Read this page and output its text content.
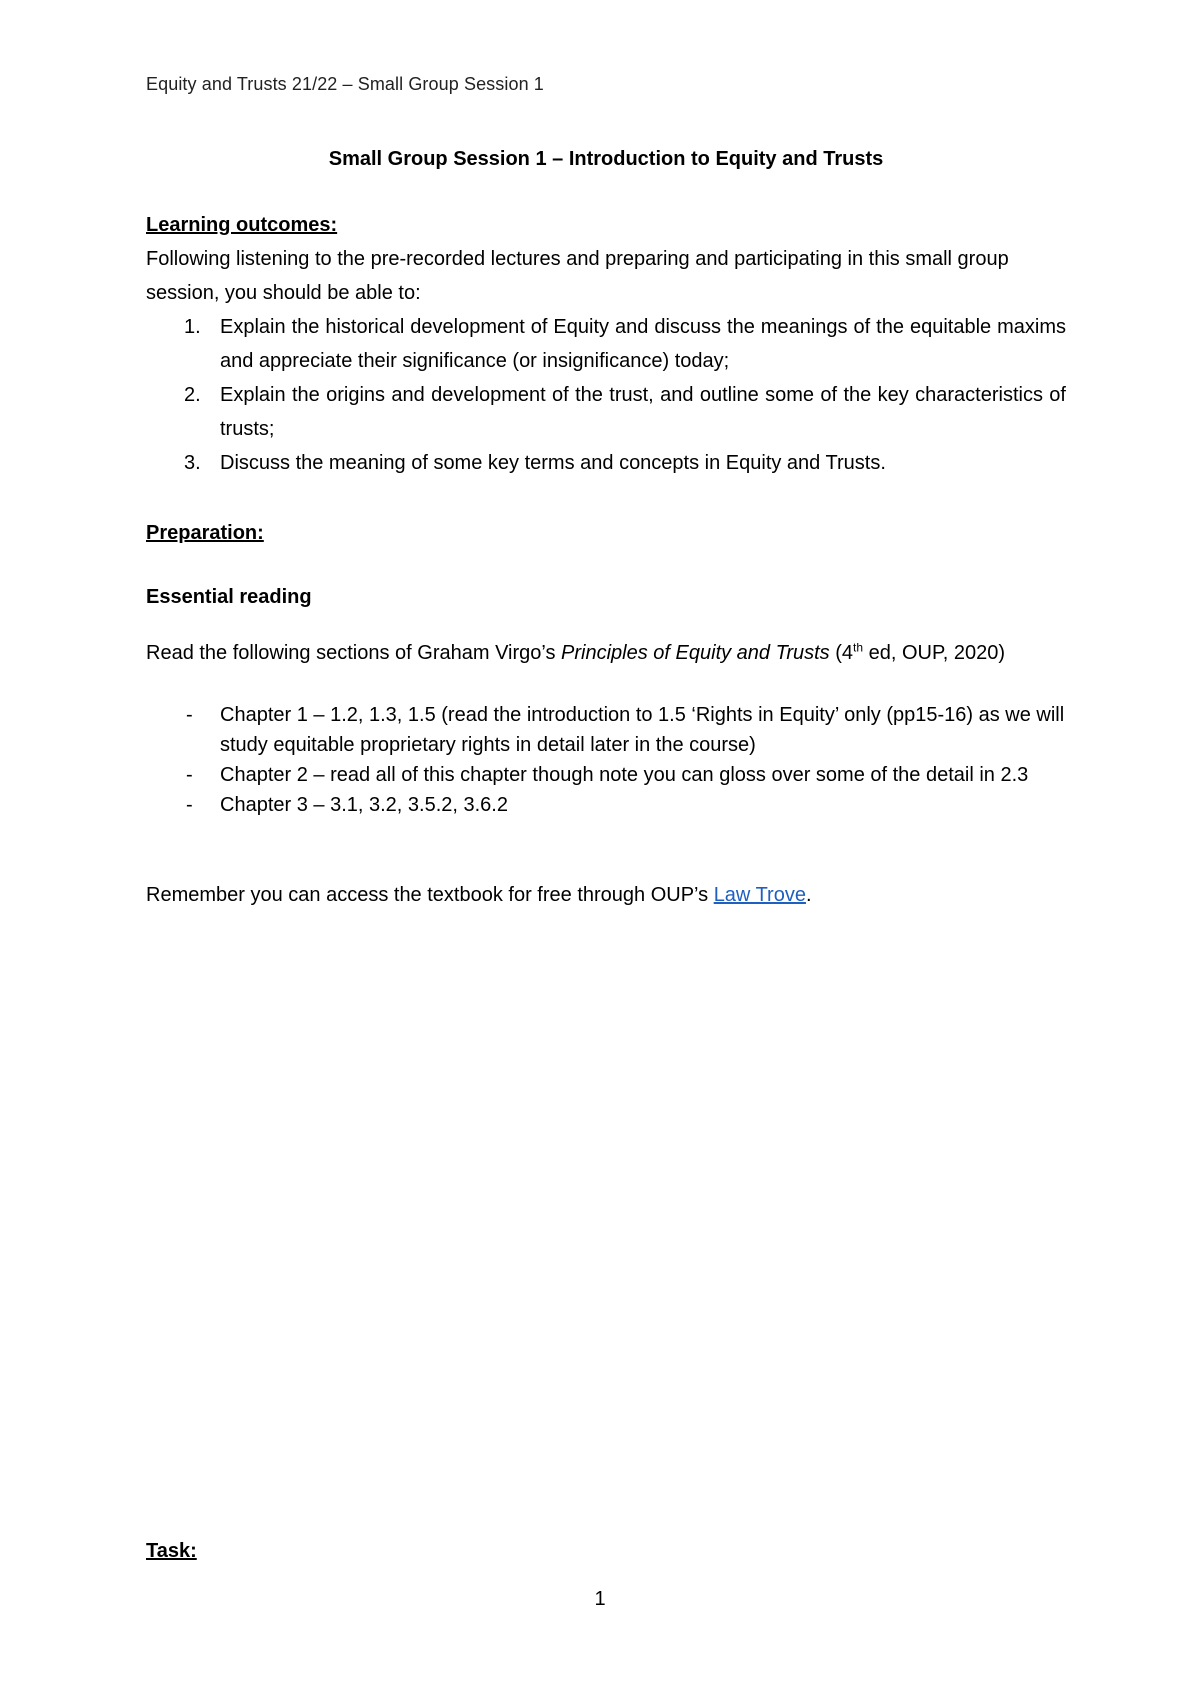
Equity and Trusts 21/22 – Small Group Session 1
Small Group Session 1 – Introduction to Equity and Trusts
Learning outcomes:
Following listening to the pre-recorded lectures and preparing and participating in this small group session, you should be able to:
1. Explain the historical development of Equity and discuss the meanings of the equitable maxims and appreciate their significance (or insignificance) today;
2. Explain the origins and development of the trust, and outline some of the key characteristics of trusts;
3. Discuss the meaning of some key terms and concepts in Equity and Trusts.
Preparation:
Essential reading
Read the following sections of Graham Virgo’s Principles of Equity and Trusts (4th ed, OUP, 2020)
- Chapter 1 – 1.2, 1.3, 1.5 (read the introduction to 1.5 ‘Rights in Equity’ only (pp15-16) as we will study equitable proprietary rights in detail later in the course)
- Chapter 2 – read all of this chapter though note you can gloss over some of the detail in 2.3
- Chapter 3 – 3.1, 3.2, 3.5.2, 3.6.2
Remember you can access the textbook for free through OUP’s Law Trove.
Task:
1
